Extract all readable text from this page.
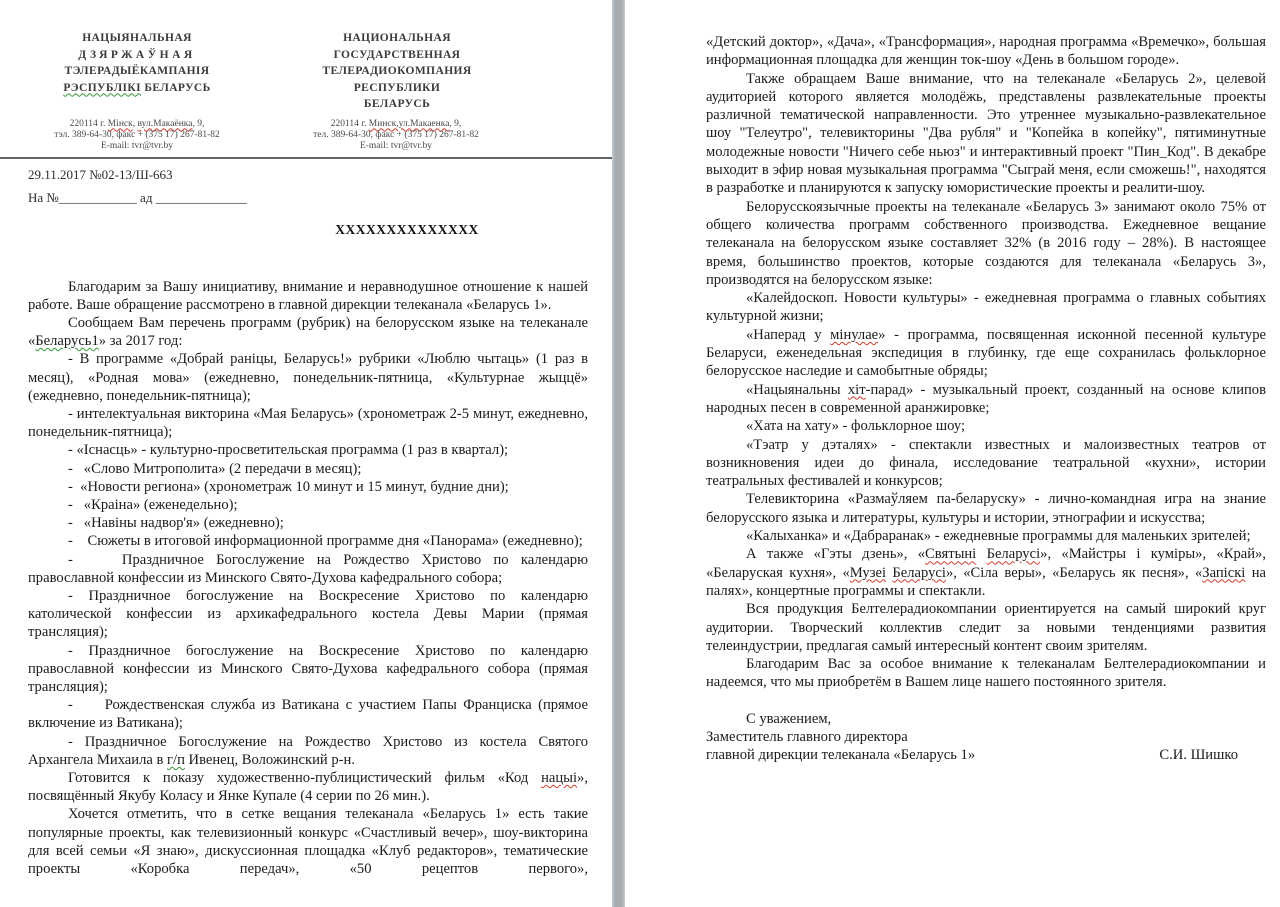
НАЦЫЯНАЛЬНАЯ
ДЗЯРЖАЎНАЯ
ТЭЛЕРАДЫЁКАМПАНІЯ
РЭСПУБЛІКІ БЕЛАРУСЬ
НАЦИОНАЛЬНАЯ
ГОСУДАРСТВЕННАЯ
ТЕЛЕРАДИОКОМПАНИЯ
РЕСПУБЛИКИ БЕЛАРУСЬ
220114 г. Мінск, вул.Макаёнка, 9,
тэл. 389-64-30, факс + (375 17) 267-81-82
E-mail: tvr@tvr.by
220114 г. Минск,ул.Макаенка, 9,
тел. 389-64-30, факс + (375 17) 267-81-82
E-mail: tvr@tvr.by
29.11.2017 №02-13/Ш-663
На №____________ ад ______________
ХХХХХХХХХХХХХХ

Благодарим за Вашу инициативу, внимание и неравнодушное отношение к нашей работе. Ваше обращение рассмотрено в главной дирекции телеканала «Беларусь 1».

Сообщаем Вам перечень программ (рубрик) на белорусском языке на телеканале «Беларусь1» за 2017 год:

- В программе «Добрай раніцы, Беларусь!» рубрики «Люблю чытаць» (1 раз в месяц), «Родная мова» (ежедневно, понедельник-пятница, «Культурнае жыццё» (ежедневно, понедельник-пятница);

- интелектуальная викторина «Мая Беларусь» (хронометраж 2-5 минут, ежедневно, понедельник-пятница);

- «Існасць» - культурно-просветительская программа (1 раз в квартал);

-   «Слово Митрополита» (2 передачи в месяц);

-  «Новости региона» (хронометраж 10 минут и 15 минут, будние дни);

-   «Краіна» (еженедельно);

-   «Навіны надвор'я» (ежедневно);

-    Сюжеты в итоговой информационной программе дня «Панорама» (ежедневно);

-    Праздничное Богослужение на Рождество Христово по календарю православной конфессии из Минского Свято-Духова кафедрального собора;

- Праздничное богослужение на Воскресение Христово по календарю католической конфессии из архикафедрального костела Девы Марии (прямая трансляция);

- Праздничное богослужение на Воскресение Христово по календарю православной конфессии из Минского Свято-Духова кафедрального собора (прямая трансляция);

-     Рождественская служба из Ватикана с участием Папы Франциска (прямое включение из Ватикана);

- Праздничное Богослужение на Рождество Христово из костела Святого Архангела Михаила в г/п Ивенец, Воложинский р-н.

Готовится к показу художественно-публицистический фильм «Код нацыі», посвящённый Якубу Коласу и Янке Купале (4 серии по 26 мин.).

Хочется отметить, что в сетке вещания телеканала «Беларусь 1» есть такие популярные проекты, как телевизионный конкурс «Счастливый вечер», шоу-викторина для всей семьи «Я знаю», дискуссионная площадка «Клуб редакторов», тематические проекты «Коробка передач», «50 рецептов первого»,

«Детский доктор», «Дача», «Трансформация», народная программа «Времечко», большая информационная площадка для женщин ток-шоу «День в большом городе».

Также обращаем Ваше внимание, что на телеканале «Беларусь 2», целевой аудиторией которого является молодёжь, представлены развлекательные проекты различной тематической направленности. Это утреннее музыкально-развлекательное шоу "Телеутро", телевикторины "Два рубля" и "Копейка в копейку", пятиминутные молодежные новости "Ничего себе ньюз" и интерактивный проект "Пин_Код". В декабре выходит в эфир новая музыкальная программа "Сыграй меня, если сможешь!", находятся в разработке и планируются к запуску юмористические проекты и реалити-шоу.

Белорусскоязычные проекты на телеканале «Беларусь 3» занимают около 75% от общего количества программ собственного производства. Ежедневное вещание телеканала на белорусском языке составляет 32% (в 2016 году – 28%). В настоящее время, большинство проектов, которые создаются для телеканала «Беларусь 3», производятся на белорусском языке:

«Калейдоскоп. Новости культуры» - ежедневная программа о главных событиях культурной жизни;

«Наперад у мінулае» - программа, посвященная исконной песенной культуре Беларуси, еженедельная экспедиция в глубинку, где еще сохранилась фольклорное белорусское наследие и самобытные обряды;

«Нацыянальны хіт-парад» - музыкальный проект, созданный на основе клипов народных песен в современной аранжировке;

«Хата на хату» - фольклорное шоу;

«Тэатр у дэталях» - спектакли известных и малоизвестных театров от возникновения идеи до финала, исследование театральной «кухни», истории театральных фестивалей и конкурсов;

Телевикторина «Размаўляем па-беларуску» - лично-командная игра на знание белорусского языка и литературы, культуры и истории, этнографии и искусства;

«Калыханка» и «Дабраранак» - ежедневные программы для маленьких зрителей;

А также «Гэты дзень», «Святыні Беларусі», «Майстры і куміры», «Край», «Беларуская кухня», «Музеі Беларусі», «Сіла веры», «Беларусь як песня», «Запіскі на палях», концертные программы и спектакли.

Вся продукция Белтелерадиокомпании ориентируется на самый широкий круг аудитории. Творческий коллектив следит за новыми тенденциями развития телеиндустрии, предлагая самый интересный контент своим зрителям.

Благодарим Вас за особое внимание к телеканалам Белтелерадиокомпании и надеемся, что мы приобретём в Вашем лице нашего постоянного зрителя.

С уважением,

Заместитель главного директора

главной дирекции телеканала «Беларусь 1»	С.И. Шишко
